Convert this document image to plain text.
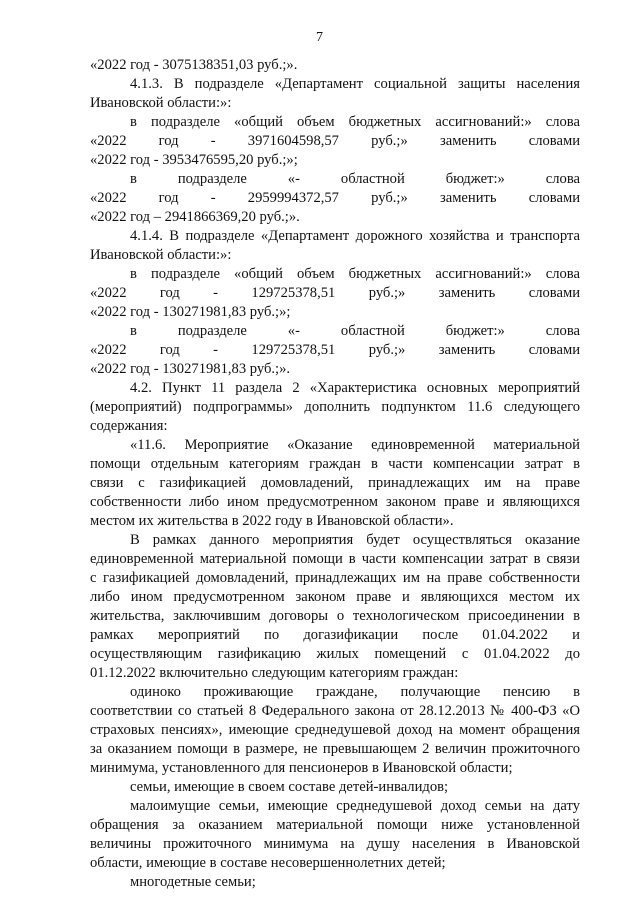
7
«2022 год - 3075138351,03 руб.;».
4.1.3. В подразделе «Департамент социальной защиты населения
Ивановской области:»:
в подразделе «общий объем бюджетных ассигнований:» слова
«2022 год - 3971604598,57 руб.;» заменить словами
«2022 год - 3953476595,20 руб.;»;
в подразделе «- областной бюджет:» слова
«2022 год - 2959994372,57 руб.;» заменить словами
«2022 год – 2941866369,20 руб.;».
4.1.4. В подразделе «Департамент дорожного хозяйства и транспорта
Ивановской области:»:
в подразделе «общий объем бюджетных ассигнований:» слова
«2022 год - 129725378,51 руб.;» заменить словами
«2022 год - 130271981,83 руб.;»;
в подразделе «- областной бюджет:» слова
«2022 год - 129725378,51 руб.;» заменить словами
«2022 год - 130271981,83 руб.;».
4.2. Пункт 11 раздела 2 «Характеристика основных мероприятий
(мероприятий) подпрограммы» дополнить подпунктом 11.6 следующего
содержания:
«11.6. Мероприятие «Оказание единовременной материальной
помощи отдельным категориям граждан в части компенсации затрат в
связи с газификацией домовладений, принадлежащих им на праве
собственности либо ином предусмотренном законом праве и являющихся
местом их жительства в 2022 году в Ивановской области».
В рамках данного мероприятия будет осуществляться оказание
единовременной материальной помощи в части компенсации затрат в связи
с газификацией домовладений, принадлежащих им на праве собственности
либо ином предусмотренном законом праве и являющихся местом их
жительства, заключившим договоры о технологическом присоединении в
рамках мероприятий по догазификации после 01.04.2022 и
осуществляющим газификацию жилых помещений с 01.04.2022 до
01.12.2022 включительно следующим категориям граждан:
одиноко проживающие граждане, получающие пенсию в
соответствии со статьей 8 Федерального закона от 28.12.2013 № 400-ФЗ «О
страховых пенсиях», имеющие среднедушевой доход на момент обращения
за оказанием помощи в размере, не превышающем 2 величин прожиточного
минимума, установленного для пенсионеров в Ивановской области;
семьи, имеющие в своем составе детей-инвалидов;
малоимущие семьи, имеющие среднедушевой доход семьи на дату
обращения за оказанием материальной помощи ниже установленной
величины прожиточного минимума на душу населения в Ивановской
области, имеющие в составе несовершеннолетних детей;
многодетные семьи;
